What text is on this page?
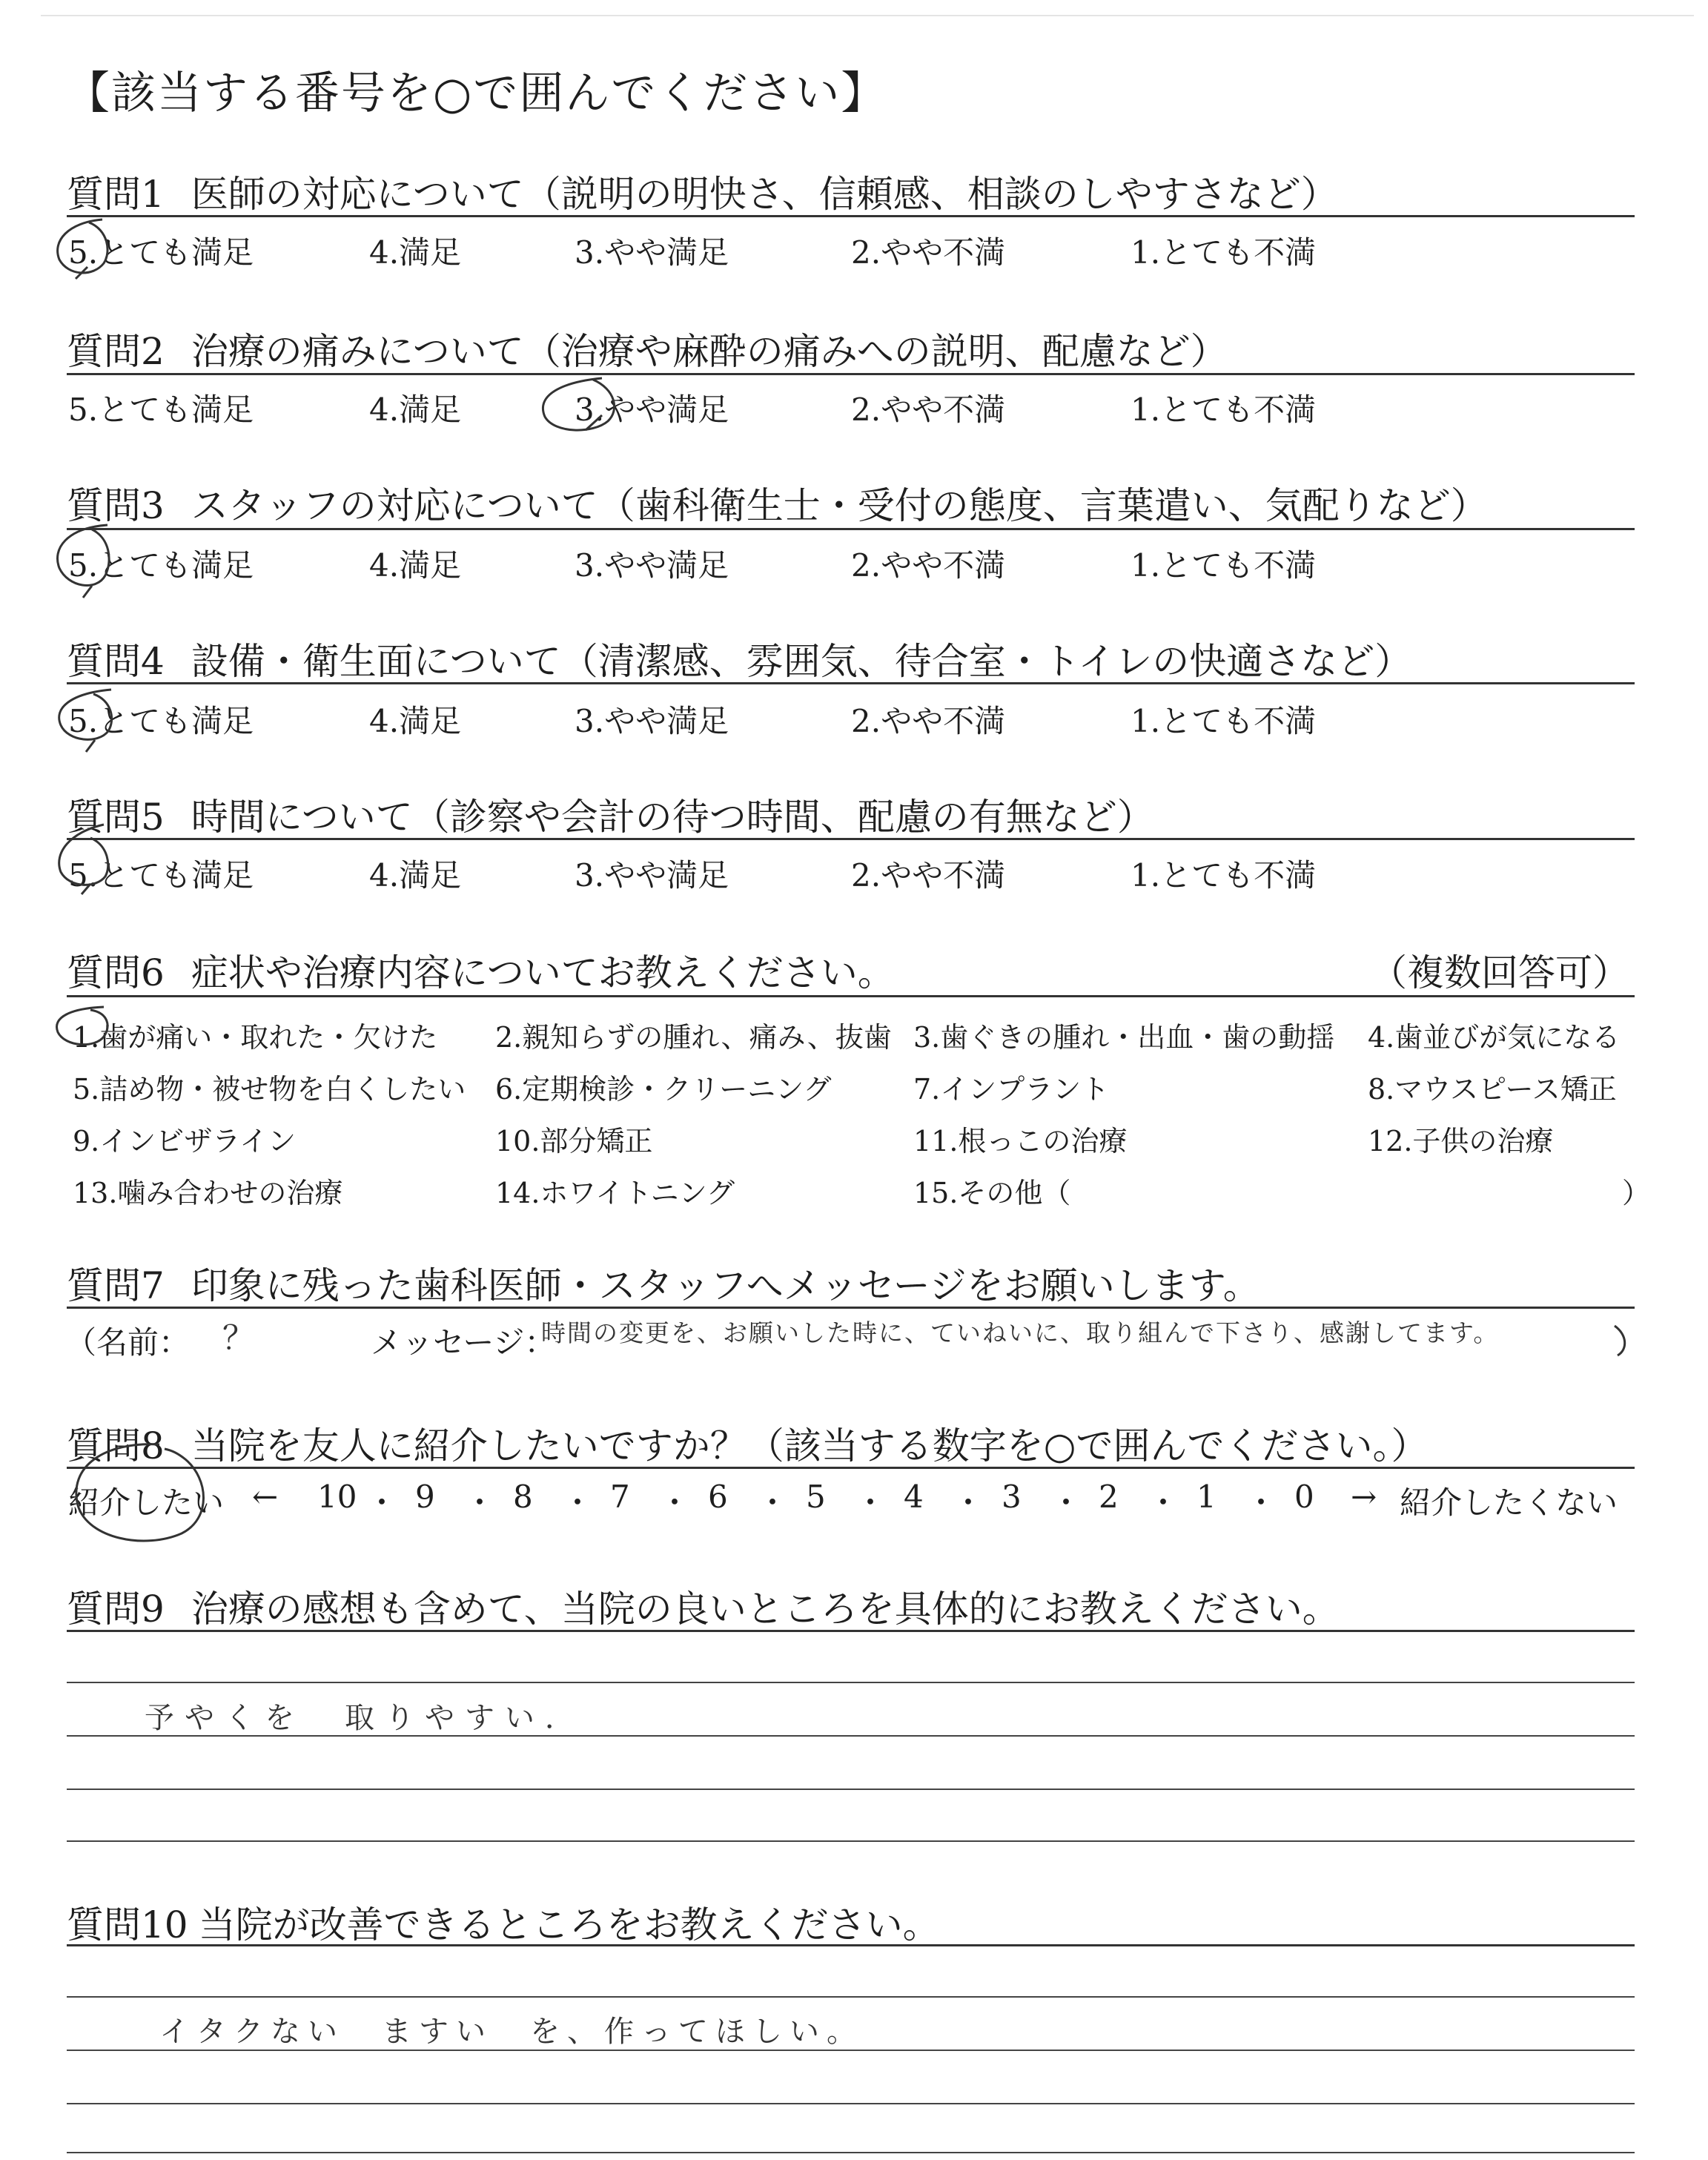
【該当する番号を○で囲んでください】
質問1 医師の対応について（説明の明快さ、信頼感、相談のしやすさなど）
5.とても満足	4.満足	3.やや満足	2.やや不満	1.とても不満
質問2 治療の痛みについて（治療や麻酔の痛みへの説明、配慮など）
5.とても満足	4.満足	3.やや満足	2.やや不満	1.とても不満
質問3 スタッフの対応について（歯科衛生士・受付の態度、言葉遣い、気配りなど）
5.とても満足	4.満足	3.やや満足	2.やや不満	1.とても不満
質問4 設備・衛生面について（清潔感、雰囲気、待合室・トイレの快適さなど）
5.とても満足	4.満足	3.やや満足	2.やや不満	1.とても不満
質問5 時間について（診察や会計の待つ時間、配慮の有無など）
5.とても満足	4.満足	3.やや満足	2.やや不満	1.とても不満
質問6 症状や治療内容についてお教えください。	（複数回答可）
1.歯が痛い・取れた・欠けた 2.親知らずの腫れ、痛み、抜歯 3.歯ぐきの腫れ・出血・歯の動揺 4.歯並びが気になる
5.詰め物・被せ物を白くしたい 6.定期検診・クリーニング	7.インプラント	8.マウスピース矯正
9.インビザライン	10.部分矯正	11.根っこの治療	12.子供の治療
13.噛み合わせの治療	14.ホワイトニング	15.その他（	）
質問7 印象に残った歯科医師・スタッフへメッセージをお願いします。
（名前： ？	メッセージ：
時間の変更を、お願いした時に、ていねいに、取り組んで下さり、感謝してます。
質問8 当院を友人に紹介したいですか？（該当する数字を○で囲んでください。）
紹介したい ← 10 ・ 9 ・ 8 ・ 7 ・ 6 ・ 5 ・ 4 ・ 3 ・ 2 ・ 1 ・ 0 → 紹介したくない
質問9 治療の感想も含めて、当院の良いところを具体的にお教えください。
予やくを　取りやすい．
質問10 当院が改善できるところをお教えください。
イタクない　ますい　を、作ってほしい。
